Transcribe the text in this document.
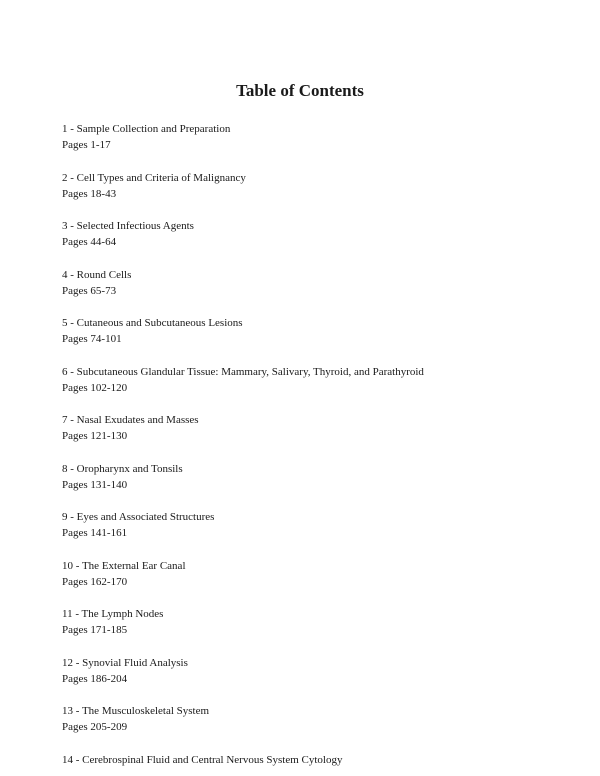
Table of Contents
1 - Sample Collection and Preparation
Pages 1-17
2 - Cell Types and Criteria of Malignancy
Pages 18-43
3 - Selected Infectious Agents
Pages 44-64
4 - Round Cells
Pages 65-73
5 - Cutaneous and Subcutaneous Lesions
Pages 74-101
6 - Subcutaneous Glandular Tissue: Mammary, Salivary, Thyroid, and Parathyroid
Pages 102-120
7 - Nasal Exudates and Masses
Pages 121-130
8 - Oropharynx and Tonsils
Pages 131-140
9 - Eyes and Associated Structures
Pages 141-161
10 - The External Ear Canal
Pages 162-170
11 - The Lymph Nodes
Pages 171-185
12 - Synovial Fluid Analysis
Pages 186-204
13 - The Musculoskeletal System
Pages 205-209
14 - Cerebrospinal Fluid and Central Nervous System Cytology
